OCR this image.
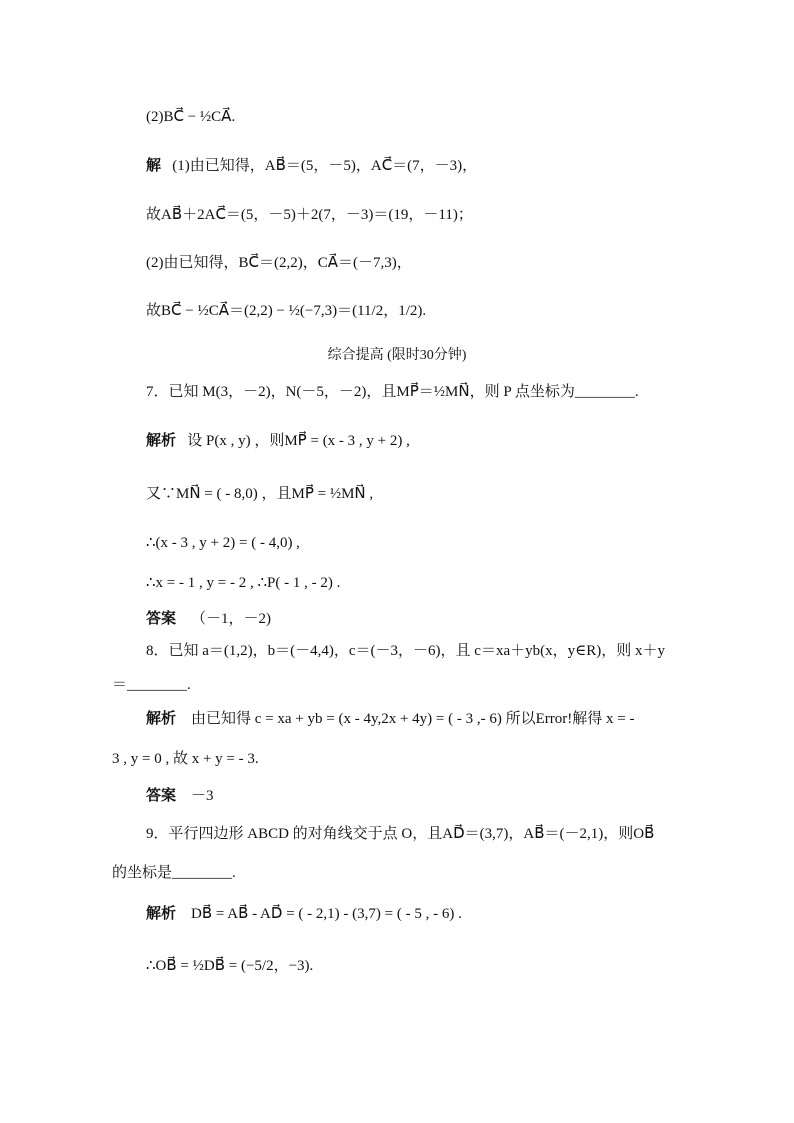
(2)BC⃗ − ½CA⃗.
解 (1)由已知得，AB⃗＝(5，－5)，AC⃗＝(7，－3)，
故AB⃗＋2AC⃗＝(5，－5)＋2(7，－3)＝(19，－11)；
(2)由已知得，BC⃗＝(2,2)，CA⃗＝(－7,3)，
故BC⃗ − ½CA⃗＝(2,2) − ½(−7,3)＝(11/2，1/2).
综合提高 (限时30分钟)
7．已知 M(3，－2)，N(－5，－2)，且MP⃗＝½MN⃗，则 P 点坐标为________.
解析 设 P(x , y) ，则MP⃗ = (x - 3 , y + 2) ,
又∵MN⃗ = ( - 8,0) ，且MP⃗ = ½MN⃗ ,
∴(x - 3 , y + 2) = ( - 4,0) ,
∴x = - 1 , y = - 2 , ∴P( - 1 , - 2) .
答案 （－1，－2)
8．已知 a＝(1,2)，b＝(－4,4)，c＝(－3，－6)，且 c＝xa＋yb(x，y∈R)，则 x＋y
＝________.
解析 由已知得 c = xa + yb = (x - 4y,2x + 4y) = ( - 3 ,- 6) 所以Error!解得 x = -
3 , y = 0 , 故 x + y = - 3.
答案 －3
9．平行四边形 ABCD 的对角线交于点 O，且AD⃗＝(3,7)，AB⃗＝(－2,1)，则OB⃗
的坐标是________.
解析 DB⃗ = AB⃗ - AD⃗ = ( - 2,1) - (3,7) = ( - 5 , - 6) .
∴OB⃗ = ½DB⃗ = (−5/2，−3).
